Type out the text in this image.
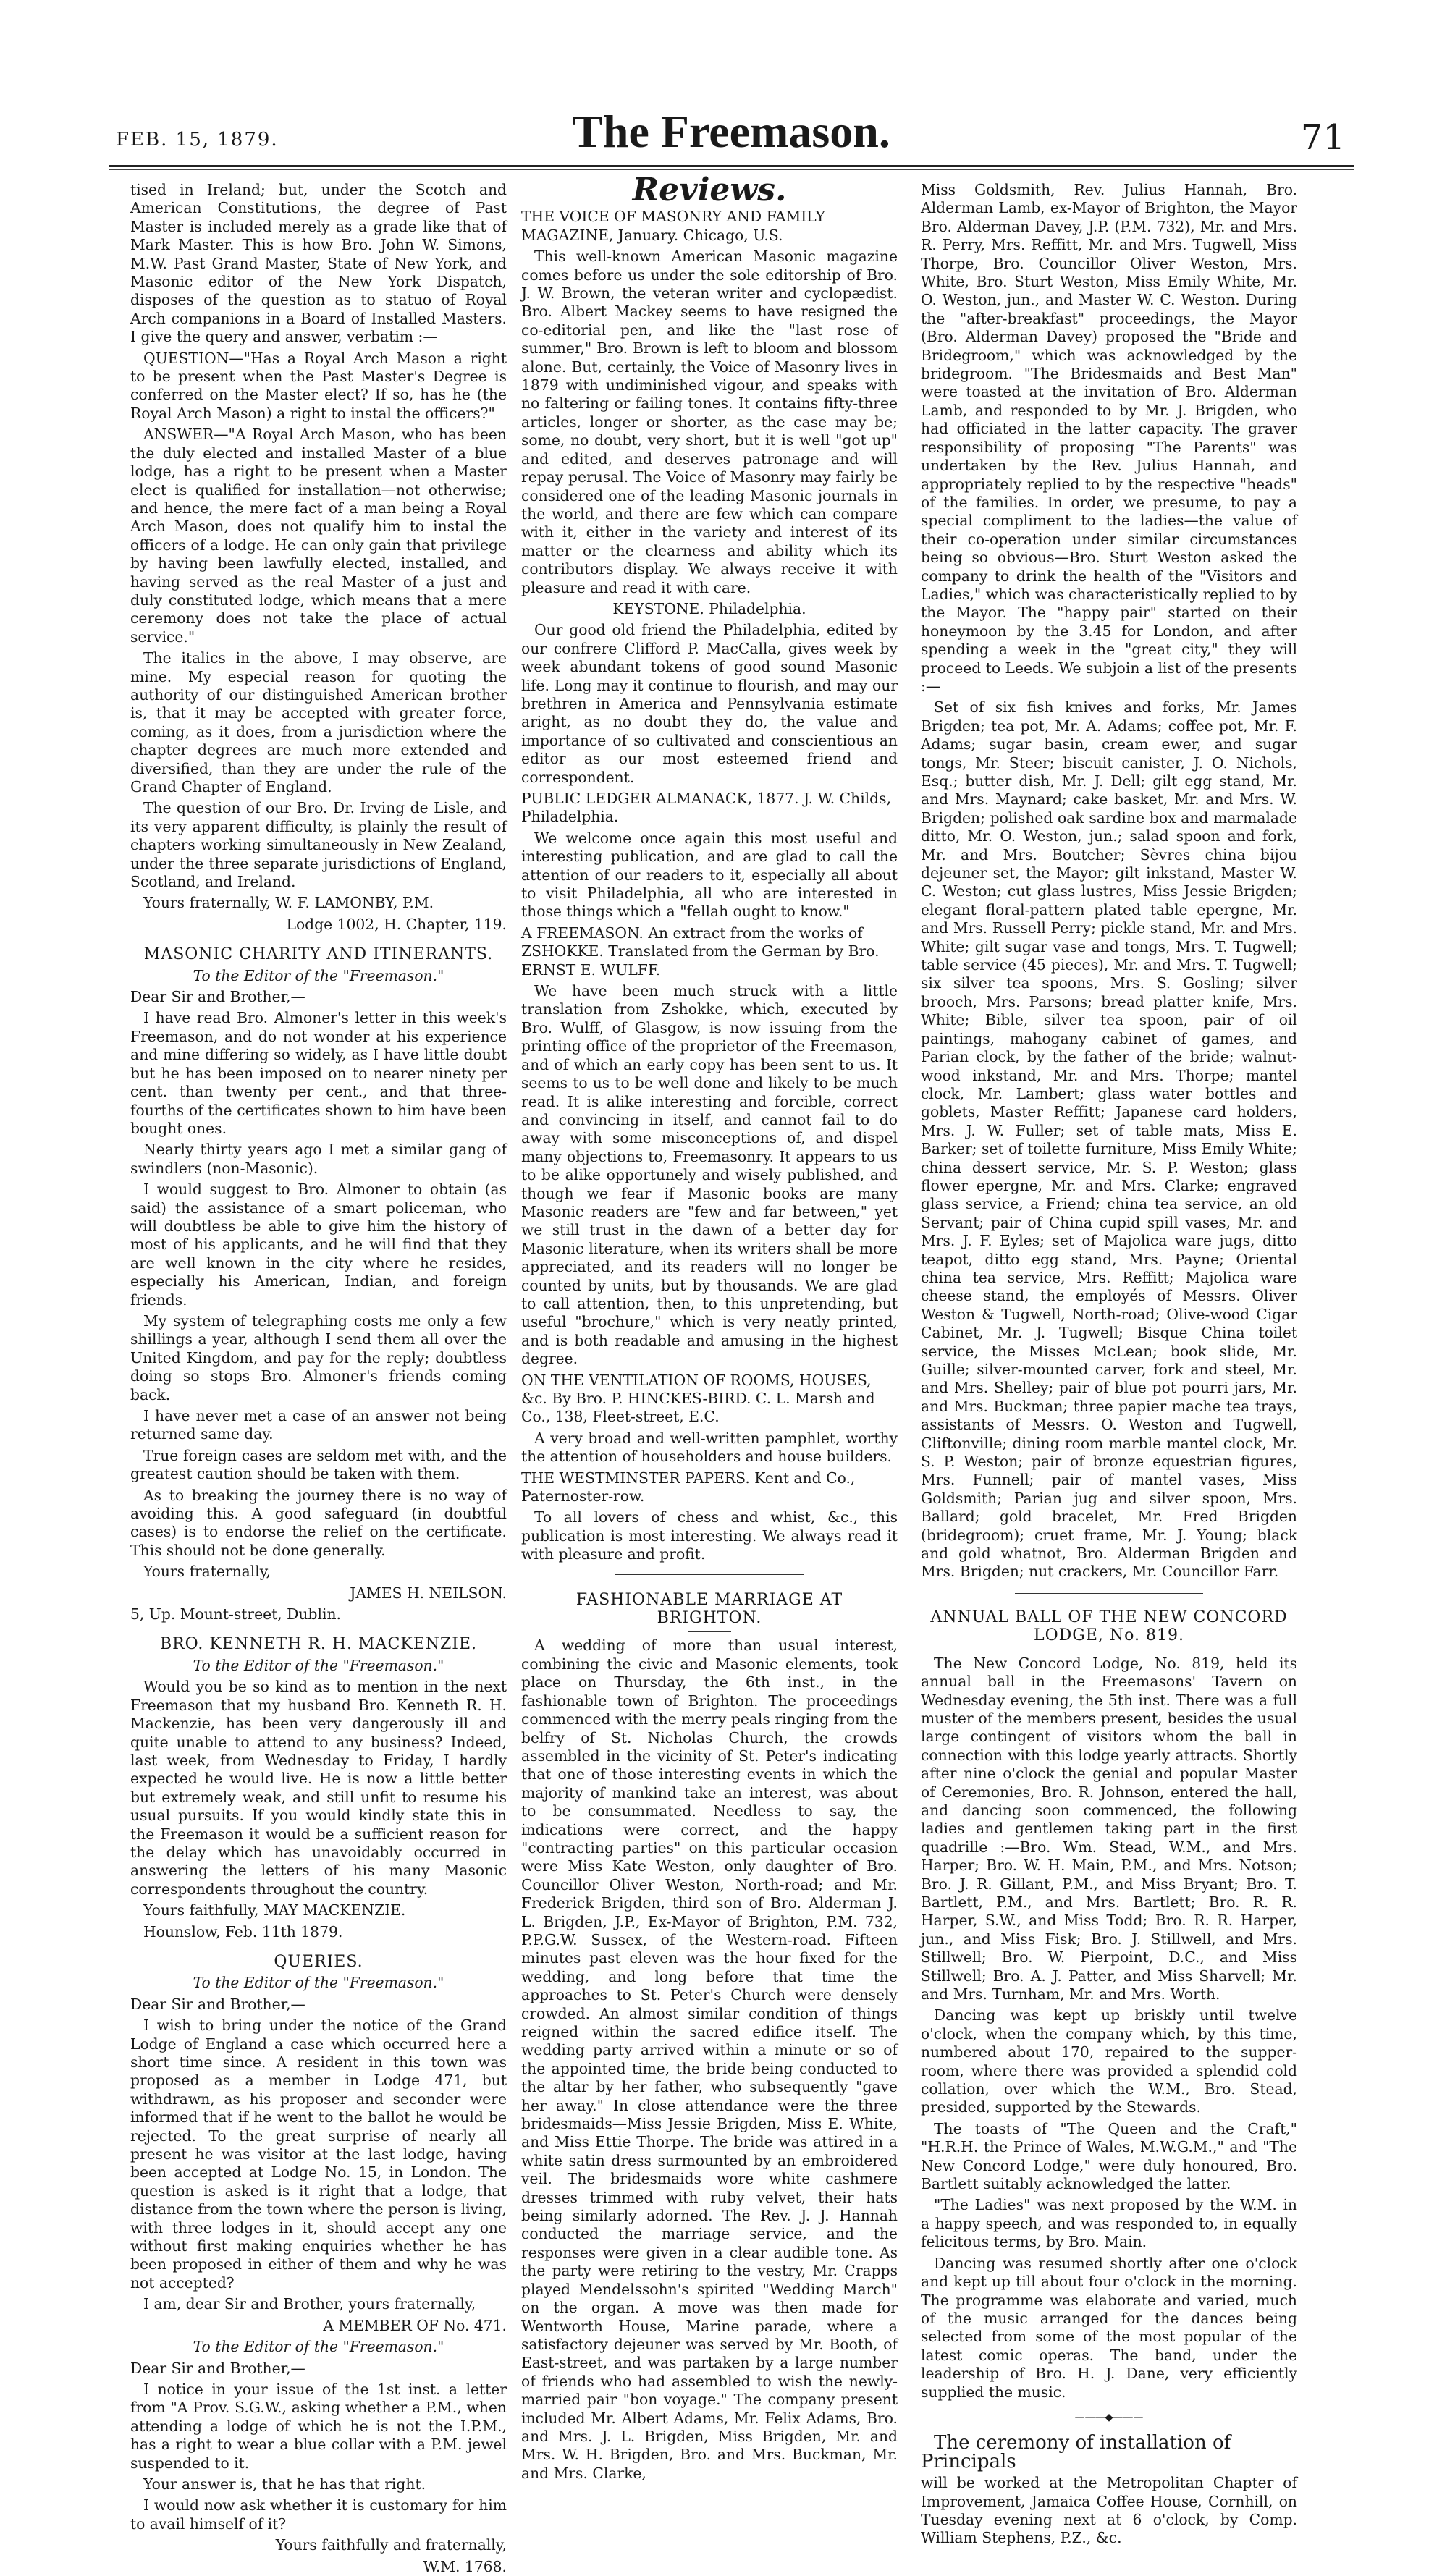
FEB. 15, 1879.	The Freemason.	71

tised in Ireland; but, under the Scotch and American Constitutions, the degree of Past Master is included merely as a grade like that of Mark Master. This is how Bro. John W. Simons, M.W. Past Grand Master, State of New York, and Masonic editor of the New York Dispatch, disposes of the question as to statuo of Royal Arch companions in a Board of Installed Masters. I give the query and answer, verbatim :—

QUESTION—"Has a Royal Arch Mason a right to be present when the Past Master's Degree is conferred on the Master elect? If so, has he (the Royal Arch Mason) a right to instal the officers?"

ANSWER—"A Royal Arch Mason, who has been the duly elected and installed Master of a blue lodge, has a right to be present when a Master elect is qualified for installation—not otherwise; and hence, the mere fact of a man being a Royal Arch Mason, does not qualify him to instal the officers of a lodge. He can only gain that privilege by having been lawfully elected, installed, and having served as the real Master of a just and duly constituted lodge, which means that a mere ceremony does not take the place of actual service."

The italics in the above, I may observe, are mine. My especial reason for quoting the authority of our distinguished American brother is, that it may be accepted with greater force, coming, as it does, from a jurisdiction where the chapter degrees are much more extended and diversified, than they are under the rule of the Grand Chapter of England.

The question of our Bro. Dr. Irving de Lisle, and its very apparent difficulty, is plainly the result of chapters working simultaneously in New Zealand, under the three separate jurisdictions of England, Scotland, and Ireland.

Yours fraternally, W. F. LAMONBY, P.M.

Lodge 1002, H. Chapter, 119.

MASONIC CHARITY AND ITINERANTS.
To the Editor of the "Freemason."

Dear Sir and Brother,—

I have read Bro. Almoner's letter in this week's Freemason, and do not wonder at his experience and mine differing so widely, as I have little doubt but he has been imposed on to nearer ninety per cent. than twenty per cent., and that three-fourths of the certificates shown to him have been bought ones.

Nearly thirty years ago I met a similar gang of swindlers (non-Masonic).

I would suggest to Bro. Almoner to obtain (as said) the assistance of a smart policeman, who will doubtless be able to give him the history of most of his applicants, and he will find that they are well known in the city where he resides, especially his American, Indian, and foreign friends.

My system of telegraphing costs me only a few shillings a year, although I send them all over the United Kingdom, and pay for the reply; doubtless doing so stops Bro. Almoner's friends coming back.

I have never met a case of an answer not being returned same day.

True foreign cases are seldom met with, and the greatest caution should be taken with them.

As to breaking the journey there is no way of avoiding this. A good safeguard (in doubtful cases) is to endorse the relief on the certificate. This should not be done generally.

Yours fraternally,

JAMES H. NEILSON.

5, Up. Mount-street, Dublin.

BRO. KENNETH R. H. MACKENZIE.
To the Editor of the "Freemason."

Would you be so kind as to mention in the next Freemason that my husband Bro. Kenneth R. H. Mackenzie, has been very dangerously ill and quite unable to attend to any business? Indeed, last week, from Wednesday to Friday, I hardly expected he would live. He is now a little better but extremely weak, and still unfit to resume his usual pursuits. If you would kindly state this in the Freemason it would be a sufficient reason for the delay which has unavoidably occurred in answering the letters of his many Masonic correspondents throughout the country.

Yours faithfully, MAY MACKENZIE.

Hounslow, Feb. 11th 1879.

QUERIES.
To the Editor of the "Freemason."

Dear Sir and Brother,—

I wish to bring under the notice of the Grand Lodge of England a case which occurred here a short time since. A resident in this town was proposed as a member in Lodge 471, but withdrawn, as his proposer and seconder were informed that if he went to the ballot he would be rejected. To the great surprise of nearly all present he was visitor at the last lodge, having been accepted at Lodge No. 15, in London. The question is asked is it right that a lodge, that distance from the town where the person is living, with three lodges in it, should accept any one without first making enquiries whether he has been proposed in either of them and why he was not accepted?

I am, dear Sir and Brother, yours fraternally,

A MEMBER OF No. 471.

To the Editor of the "Freemason."

Dear Sir and Brother,—

I notice in your issue of the 1st inst. a letter from "A Prov. S.G.W., asking whether a P.M., when attending a lodge of which he is not the I.P.M., has a right to wear a blue collar with a P.M. jewel suspended to it.

Your answer is, that he has that right.

I would now ask whether it is customary for him to avail himself of it?

Yours faithfully and fraternally,

W.M. 1768.

Reviews.

THE VOICE OF MASONRY AND FAMILY MAGAZINE, January. Chicago, U.S.

This well-known American Masonic magazine comes before us under the sole editorship of Bro. J. W. Brown, the veteran writer and cyclopædist. Bro. Albert Mackey seems to have resigned the co-editorial pen, and like the "last rose of summer," Bro. Brown is left to bloom and blossom alone. But, certainly, the Voice of Masonry lives in 1879 with undiminished vigour, and speaks with no faltering or failing tones. It contains fifty-three articles, longer or shorter, as the case may be; some, no doubt, very short, but it is well "got up" and edited, and deserves patronage and will repay perusal. The Voice of Masonry may fairly be considered one of the leading Masonic journals in the world, and there are few which can compare with it, either in the variety and interest of its matter or the clearness and ability which its contributors display. We always receive it with pleasure and read it with care.

KEYSTONE. Philadelphia.

Our good old friend the Philadelphia, edited by our confrere Clifford P. MacCalla, gives week by week abundant tokens of good sound Masonic life. Long may it continue to flourish, and may our brethren in America and Pennsylvania estimate aright, as no doubt they do, the value and importance of so cultivated and conscientious an editor as our most esteemed friend and correspondent.

PUBLIC LEDGER ALMANACK, 1877. J. W. Childs, Philadelphia.

We welcome once again this most useful and interesting publication, and are glad to call the attention of our readers to it, especially all about to visit Philadelphia, all who are interested in those things which a "fellah ought to know."

A FREEMASON. An extract from the works of ZSHOKKE. Translated from the German by Bro. ERNST E. WULFF.

We have been much struck with a little translation from Zshokke, which, executed by Bro. Wulff, of Glasgow, is now issuing from the printing office of the proprietor of the Freemason, and of which an early copy has been sent to us. It seems to us to be well done and likely to be much read. It is alike interesting and forcible, correct and convincing in itself, and cannot fail to do away with some misconceptions of, and dispel many objections to, Freemasonry. It appears to us to be alike opportunely and wisely published, and though we fear if Masonic books are many Masonic readers are "few and far between," yet we still trust in the dawn of a better day for Masonic literature, when its writers shall be more appreciated, and its readers will no longer be counted by units, but by thousands. We are glad to call attention, then, to this unpretending, but useful "brochure," which is very neatly printed, and is both readable and amusing in the highest degree.

ON THE VENTILATION OF ROOMS, HOUSES, &c. By Bro. P. HINCKES-BIRD. C. L. Marsh and Co., 138, Fleet-street, E.C.

A very broad and well-written pamphlet, worthy the attention of householders and house builders.

THE WESTMINSTER PAPERS. Kent and Co., Paternoster-row.

To all lovers of chess and whist, &c., this publication is most interesting. We always read it with pleasure and profit.

FASHIONABLE MARRIAGE AT BRIGHTON.

A wedding of more than usual interest, combining the civic and Masonic elements, took place on Thursday, the 6th inst., in the fashionable town of Brighton. The proceedings commenced with the merry peals ringing from the belfry of St. Nicholas Church, the crowds assembled in the vicinity of St. Peter's indicating that one of those interesting events in which the majority of mankind take an interest, was about to be consummated. Needless to say, the indications were correct, and the happy "contracting parties" on this particular occasion were Miss Kate Weston, only daughter of Bro. Councillor Oliver Weston, North-road; and Mr. Frederick Brigden, third son of Bro. Alderman J. L. Brigden, J.P., Ex-Mayor of Brighton, P.M. 732, P.P.G.W. Sussex, of the Western-road. Fifteen minutes past eleven was the hour fixed for the wedding, and long before that time the approaches to St. Peter's Church were densely crowded. An almost similar condition of things reigned within the sacred edifice itself. The wedding party arrived within a minute or so of the appointed time, the bride being conducted to the altar by her father, who subsequently "gave her away." In close attendance were the three bridesmaids—Miss Jessie Brigden, Miss E. White, and Miss Ettie Thorpe. The bride was attired in a white satin dress surmounted by an embroidered veil. The bridesmaids wore white cashmere dresses trimmed with ruby velvet, their hats being similarly adorned. The Rev. J. J. Hannah conducted the marriage service, and the responses were given in a clear audible tone. As the party were retiring to the vestry, Mr. Crapps played Mendelssohn's spirited "Wedding March" on the organ. A move was then made for Wentworth House, Marine parade, where a satisfactory dejeuner was served by Mr. Booth, of East-street, and was partaken by a large number of friends who had assembled to wish the newly-married pair "bon voyage." The company present included Mr. Albert Adams, Mr. Felix Adams, Bro. and Mrs. J. L. Brigden, Miss Brigden, Mr. and Mrs. W. H. Brigden, Bro. and Mrs. Buckman, Mr. and Mrs. Clarke,

Miss Goldsmith, Rev. Julius Hannah, Bro. Alderman Lamb, ex-Mayor of Brighton, the Mayor Bro. Alderman Davey, J.P. (P.M. 732), Mr. and Mrs. R. Perry, Mrs. Reffitt, Mr. and Mrs. Tugwell, Miss Thorpe, Bro. Councillor Oliver Weston, Mrs. White, Bro. Sturt Weston, Miss Emily White, Mr. O. Weston, jun., and Master W. C. Weston. During the "after-breakfast" proceedings, the Mayor (Bro. Alderman Davey) proposed the "Bride and Bridegroom," which was acknowledged by the bridegroom. "The Bridesmaids and Best Man" were toasted at the invitation of Bro. Alderman Lamb, and responded to by Mr. J. Brigden, who had officiated in the latter capacity. The graver responsibility of proposing "The Parents" was undertaken by the Rev. Julius Hannah, and appropriately replied to by the respective "heads" of the families. In order, we presume, to pay a special compliment to the ladies—the value of their co-operation under similar circumstances being so obvious—Bro. Sturt Weston asked the company to drink the health of the "Visitors and Ladies," which was characteristically replied to by the Mayor. The "happy pair" started on their honeymoon by the 3.45 for London, and after spending a week in the "great city," they will proceed to Leeds. We subjoin a list of the presents :—

Set of six fish knives and forks, Mr. James Brigden; tea pot, Mr. A. Adams; coffee pot, Mr. F. Adams; sugar basin, cream ewer, and sugar tongs, Mr. Steer; biscuit canister, J. O. Nichols, Esq.; butter dish, Mr. J. Dell; gilt egg stand, Mr. and Mrs. Maynard; cake basket, Mr. and Mrs. W. Brigden; polished oak sardine box and marmalade ditto, Mr. O. Weston, jun.; salad spoon and fork, Mr. and Mrs. Boutcher; Sèvres china bijou dejeuner set, the Mayor; gilt inkstand, Master W. C. Weston; cut glass lustres, Miss Jessie Brigden; elegant floral-pattern plated table epergne, Mr. and Mrs. Russell Perry; pickle stand, Mr. and Mrs. White; gilt sugar vase and tongs, Mrs. T. Tugwell; table service (45 pieces), Mr. and Mrs. T. Tugwell; six silver tea spoons, Mrs. S. Gosling; silver brooch, Mrs. Parsons; bread platter knife, Mrs. White; Bible, silver tea spoon, pair of oil paintings, mahogany cabinet of games, and Parian clock, by the father of the bride; walnut-wood inkstand, Mr. and Mrs. Thorpe; mantel clock, Mr. Lambert; glass water bottles and goblets, Master Reffitt; Japanese card holders, Mrs. J. W. Fuller; set of table mats, Miss E. Barker; set of toilette furniture, Miss Emily White; china dessert service, Mr. S. P. Weston; glass flower epergne, Mr. and Mrs. Clarke; engraved glass service, a Friend; china tea service, an old Servant; pair of China cupid spill vases, Mr. and Mrs. J. F. Eyles; set of Majolica ware jugs, ditto teapot, ditto egg stand, Mrs. Payne; Oriental china tea service, Mrs. Reffitt; Majolica ware cheese stand, the employés of Messrs. Oliver Weston & Tugwell, North-road; Olive-wood Cigar Cabinet, Mr. J. Tugwell; Bisque China toilet service, the Misses McLean; book slide, Mr. Guille; silver-mounted carver, fork and steel, Mr. and Mrs. Shelley; pair of blue pot pourri jars, Mr. and Mrs. Buckman; three papier mache tea trays, assistants of Messrs. O. Weston and Tugwell, Cliftonville; dining room marble mantel clock, Mr. S. P. Weston; pair of bronze equestrian figures, Mrs. Funnell; pair of mantel vases, Miss Goldsmith; Parian jug and silver spoon, Mrs. Ballard; gold bracelet, Mr. Fred Brigden (bridegroom); cruet frame, Mr. J. Young; black and gold whatnot, Bro. Alderman Brigden and Mrs. Brigden; nut crackers, Mr. Councillor Farr.

ANNUAL BALL OF THE NEW CONCORD LODGE, No. 819.

The New Concord Lodge, No. 819, held its annual ball in the Freemasons' Tavern on Wednesday evening, the 5th inst. There was a full muster of the members present, besides the usual large contingent of visitors whom the ball in connection with this lodge yearly attracts. Shortly after nine o'clock the genial and popular Master of Ceremonies, Bro. R. Johnson, entered the hall, and dancing soon commenced, the following ladies and gentlemen taking part in the first quadrille :—Bro. Wm. Stead, W.M., and Mrs. Harper; Bro. W. H. Main, P.M., and Mrs. Notson; Bro. J. R. Gillant, P.M., and Miss Bryant; Bro. T. Bartlett, P.M., and Mrs. Bartlett; Bro. R. R. Harper, S.W., and Miss Todd; Bro. R. R. Harper, jun., and Miss Fisk; Bro. J. Stillwell, and Mrs. Stillwell; Bro. W. Pierpoint, D.C., and Miss Stillwell; Bro. A. J. Patter, and Miss Sharvell; Mr. and Mrs. Turnham, Mr. and Mrs. Worth.

Dancing was kept up briskly until twelve o'clock, when the company which, by this time, numbered about 170, repaired to the supper-room, where there was provided a splendid cold collation, over which the W.M., Bro. Stead, presided, supported by the Stewards.

The toasts of "The Queen and the Craft," "H.R.H. the Prince of Wales, M.W.G.M.," and "The New Concord Lodge," were duly honoured, Bro. Bartlett suitably acknowledged the latter.

"The Ladies" was next proposed by the W.M. in a happy speech, and was responded to, in equally felicitous terms, by Bro. Main.

Dancing was resumed shortly after one o'clock and kept up till about four o'clock in the morning. The programme was elaborate and varied, much of the music arranged for the dances being selected from some of the most popular of the latest comic operas. The band, under the leadership of Bro. H. J. Dane, very efficiently supplied the music.

———◆———

The ceremony of installation of Principals

will be worked at the Metropolitan Chapter of Improvement, Jamaica Coffee House, Cornhill, on Tuesday evening next at 6 o'clock, by Comp. William Stephens, P.Z., &c.
